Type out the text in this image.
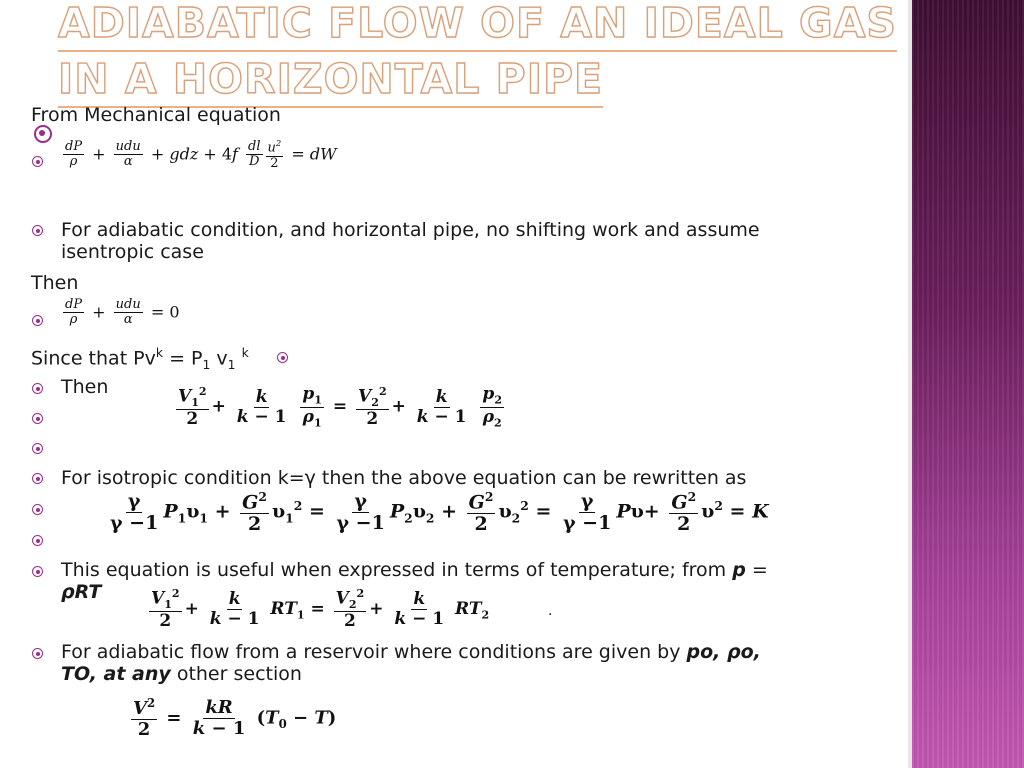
ADIABATIC FLOW OF AN IDEAL GAS
IN A HORIZONTAL PIPE
From Mechanical equation
$\frac{dP}{\rho} + \frac{\text{udu}}{\alpha}$ + gdz + $4f \frac{dl}{D} \frac{u^2}{2}$ = dW
For adiabatic condition, and horizontal pipe, no shifting work and assume
isentropic case
Then
$\frac{dP}{\rho} + \frac{\text{udu}}{\alpha} = 0$
Since that $Pv^k = P_1$ $v_1$ $^k$
Then	$\frac{V_1^2}{2} + \frac{k}{k - 1}$
$\frac{p_1}{\rho_1} = \frac{V_2^2}{2} + \frac{k}{k - 1}$
$\frac{p_2}{\rho_2}$
For isotropic condition k=γ then the above equation can be rewritten as
$\frac{\gamma}{\gamma -1} P_1\upsilon_1 + \frac{G^2}{2} \upsilon_1^2 = \frac{\gamma}{\gamma -1} P_2\upsilon_2 + \frac{G^2}{2} \upsilon_2^2 = \frac{\gamma}{\gamma -1} P\upsilon+ \frac{G^2}{2} \upsilon^2 = K$
This equation is useful when expressed in terms of temperature; from p =
ρRT	$\frac{V_1^2}{2} + \frac{k}{k - 1} RT_1 = \frac{V_2^2}{2} + \frac{k}{k - 1} RT_2$	.
For adiabatic flow from a reservoir where conditions are given by po, ρo,
TO, at any other section
$\frac{V^2}{2} = \frac{kR}{k - 1} (T_0 - T)$
